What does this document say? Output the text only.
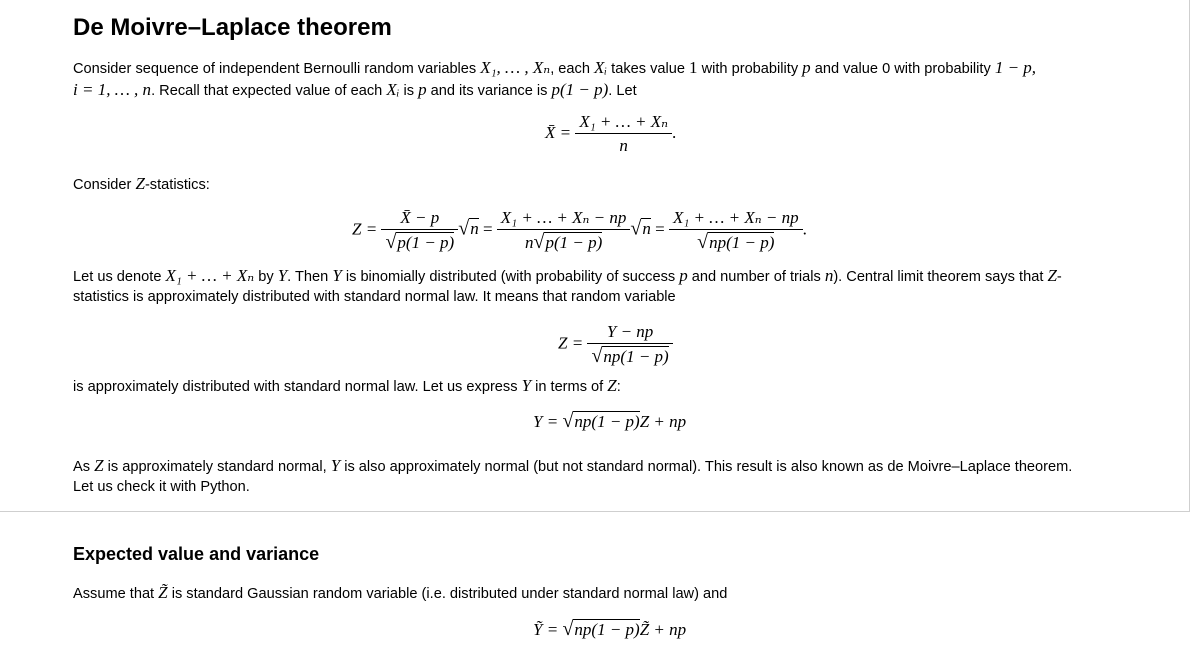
De Moivre–Laplace theorem
Consider sequence of independent Bernoulli random variables X₁, … , Xₙ, each Xᵢ takes value 1 with probability p and value 0 with probability 1 − p,
i = 1, … , n. Recall that expected value of each Xᵢ is p and its variance is p(1 − p). Let
X̄ = $\frac{\text{X₁ + … + Xₙ}}{n}$ .
Consider Z-statistics:
$Z = \frac{X̄ - p}{√p(1 - p)} √n = \frac{\text{X₁ + … + Xₙ − np}}{n√p(1 - p)} √n = \frac{\text{X₁ + … + Xₙ − np}}{√np(1 - p)}$ .
Let us denote X₁ + … + Xₙ by Y. Then Y is binomially distributed (with probability of success p and number of trials n). Central limit theorem says that Z-
statistics is approximately distributed with standard normal law. It means that random variable
$Z = \frac{Y - np}{√np(1 - p)}$
is approximately distributed with standard normal law. Let us express Y in terms of Z:
Y = √np(1 − p)Z + np
As Z is approximately standard normal, Y is also approximately normal (but not standard normal). This result is also known as de Moivre–Laplace theorem.
Let us check it with Python.
Expected value and variance
Assume that Z̃ is standard Gaussian random variable (i.e. distributed under standard normal law) and
Ỹ = √np(1 − p)Z̃ + np
